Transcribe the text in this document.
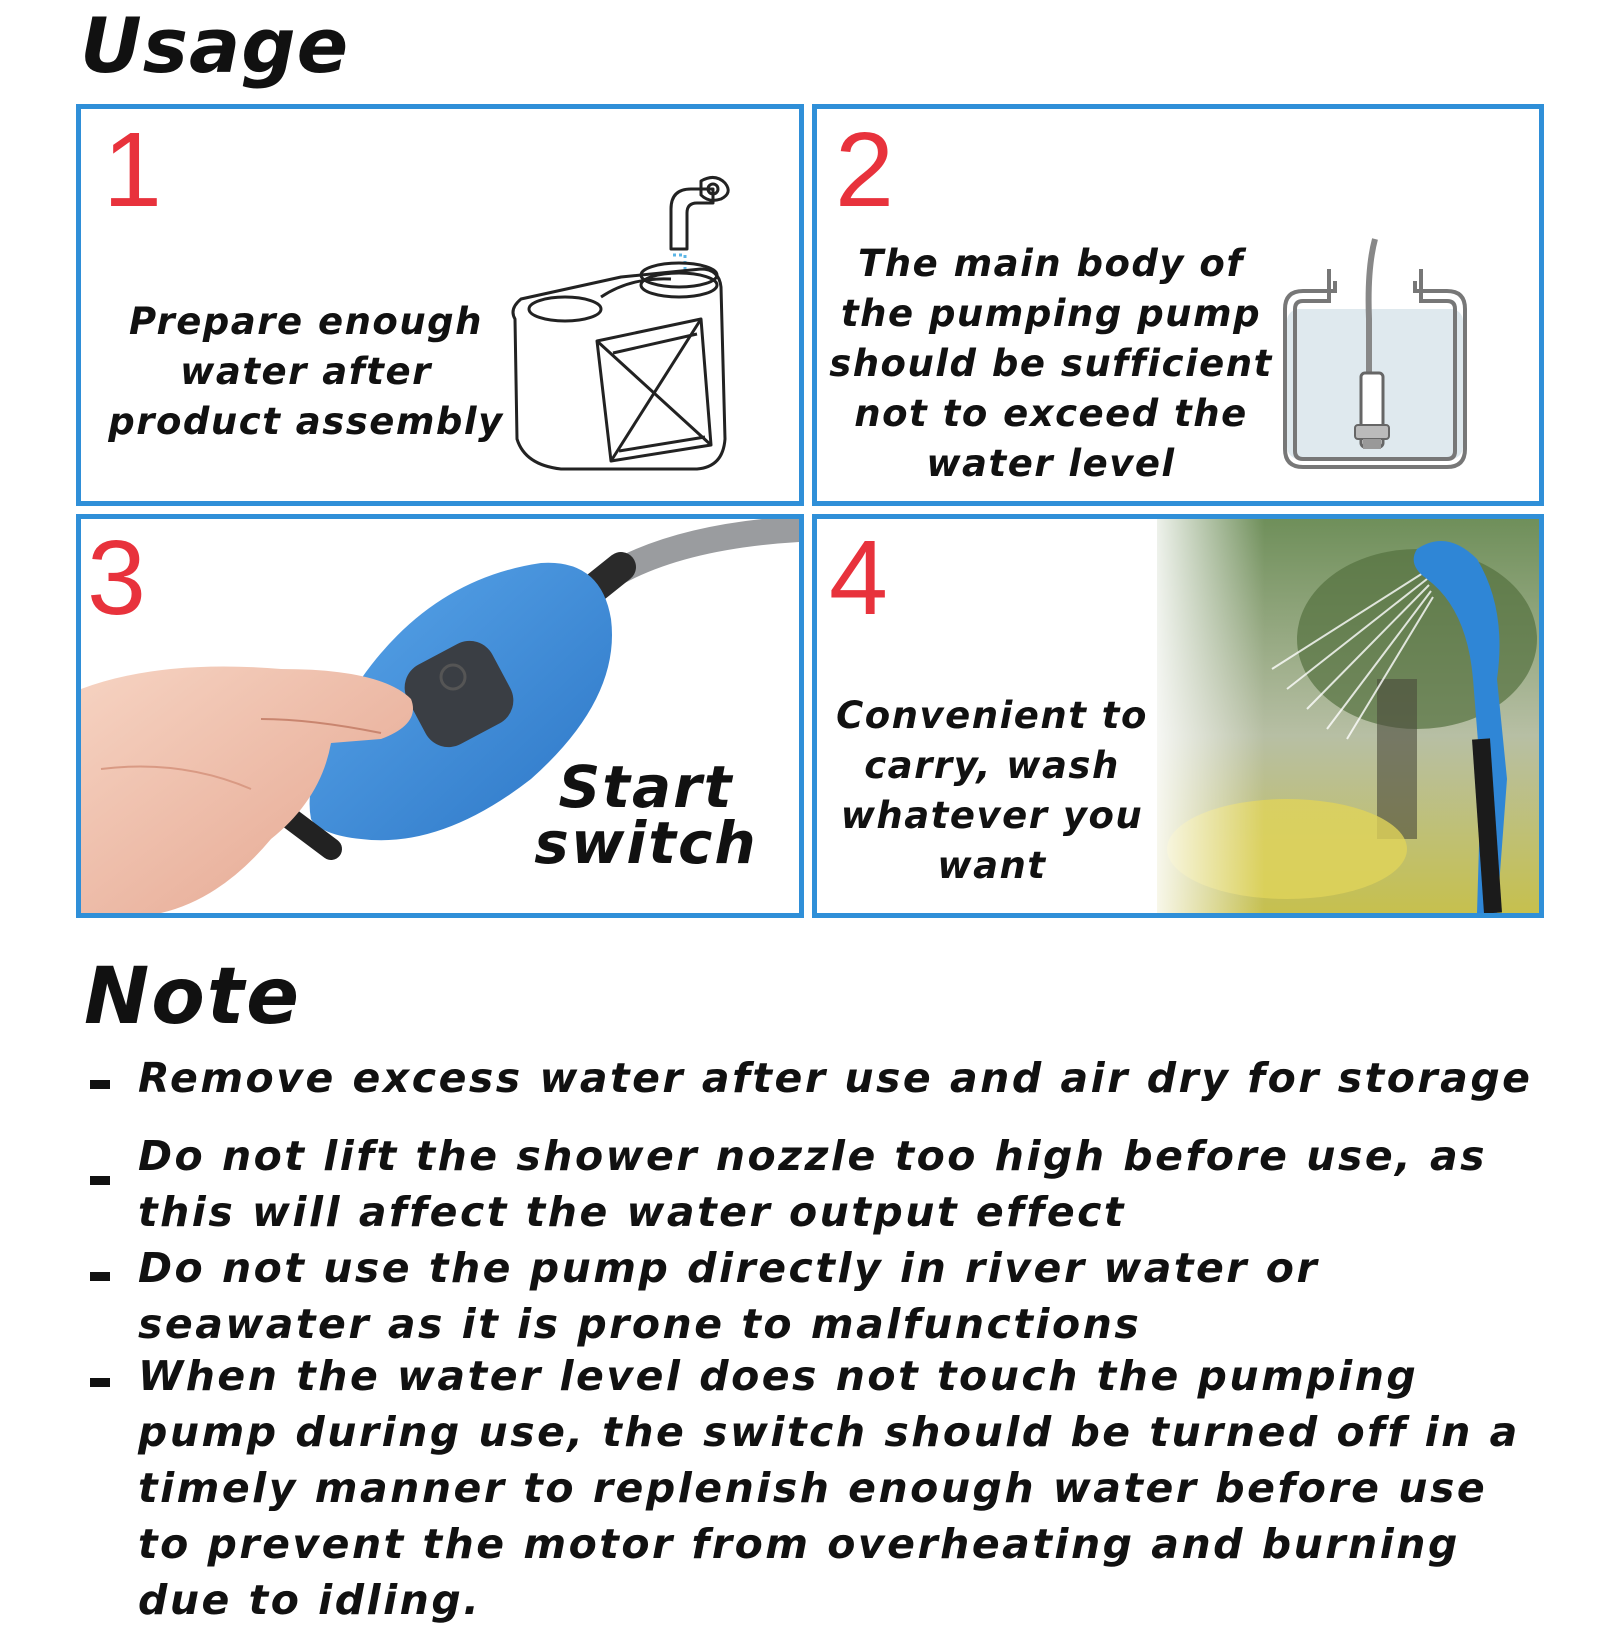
Usage
1
Prepare enough water after product assembly
2
The main body of the pumping pump should be sufficient not to exceed the water level
Start switch
3
Convenient to carry, wash whatever you want
4
Note
Remove excess water after use and air dry for storage
Do not lift the shower nozzle too high before use, as this will affect the water output effect
Do not use the pump directly in river water or seawater as it is prone to malfunctions
When the water level does not touch the pumping pump during use, the switch should be turned off in a timely manner to replenish enough water before use to prevent the motor from overheating and burning due to idling.
